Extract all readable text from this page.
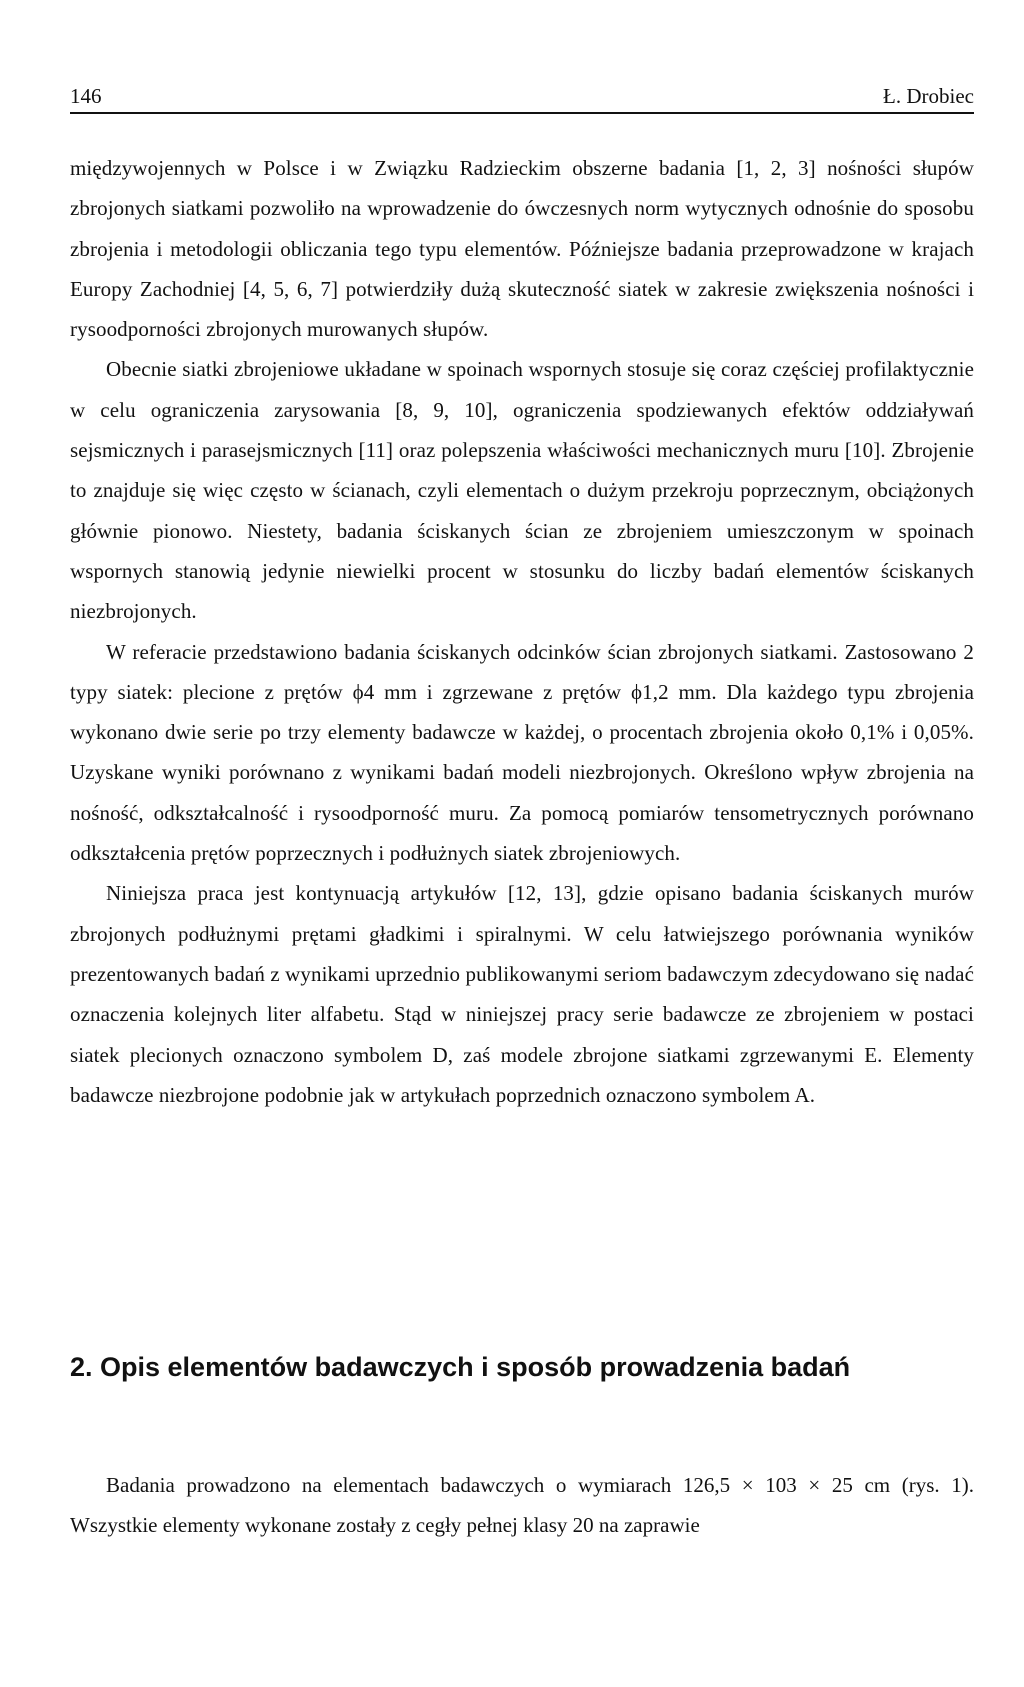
146	Ł. Drobiec

międzywojennych w Polsce i w Związku Radzieckim obszerne badania [1, 2, 3] nośności słupów zbrojonych siatkami pozwoliło na wprowadzenie do ówczesnych norm wytycznych odnośnie do sposobu zbrojenia i metodologii obliczania tego typu elementów. Późniejsze badania przeprowadzone w krajach Europy Zachodniej [4, 5, 6, 7] potwierdziły dużą skuteczność siatek w zakresie zwiększenia nośności i rysoodporności zbrojonych murowanych słupów.

Obecnie siatki zbrojeniowe układane w spoinach wspornych stosuje się coraz częściej profilaktycznie w celu ograniczenia zarysowania [8, 9, 10], ograniczenia spodziewanych efektów oddziaływań sejsmicznych i parasejsmicznych [11] oraz polepszenia właściwości mechanicznych muru [10]. Zbrojenie to znajduje się więc często w ścianach, czyli elementach o dużym przekroju poprzecznym, obciążonych głównie pionowo. Niestety, badania ściskanych ścian ze zbrojeniem umieszczonym w spoinach wspornych stanowią jedynie niewielki procent w stosunku do liczby badań elementów ściskanych niezbrojonych.

W referacie przedstawiono badania ściskanych odcinków ścian zbrojonych siatkami. Zastosowano 2 typy siatek: plecione z prętów ϕ4 mm i zgrzewane z prętów ϕ1,2 mm. Dla każdego typu zbrojenia wykonano dwie serie po trzy elementy badawcze w każdej, o procentach zbrojenia około 0,1% i 0,05%. Uzyskane wyniki porównano z wynikami badań modeli niezbrojonych. Określono wpływ zbrojenia na nośność, odkształcalność i rysoodporność muru. Za pomocą pomiarów tensometrycznych porównano odkształcenia prętów poprzecznych i podłużnych siatek zbrojeniowych.

Niniejsza praca jest kontynuacją artykułów [12, 13], gdzie opisano badania ściskanych murów zbrojonych podłużnymi prętami gładkimi i spiralnymi. W celu łatwiejszego porównania wyników prezentowanych badań z wynikami uprzednio publikowanymi seriom badawczym zdecydowano się nadać oznaczenia kolejnych liter alfabetu. Stąd w niniejszej pracy serie badawcze ze zbrojeniem w postaci siatek plecionych oznaczono symbolem D, zaś modele zbrojone siatkami zgrzewanymi E. Elementy badawcze niezbrojone podobnie jak w artykułach poprzednich oznaczono symbolem A.

2. Opis elementów badawczych i sposób prowadzenia badań

Badania prowadzono na elementach badawczych o wymiarach 126,5 × 103 × 25 cm (rys. 1). Wszystkie elementy wykonane zostały z cegły pełnej klasy 20 na zaprawie
